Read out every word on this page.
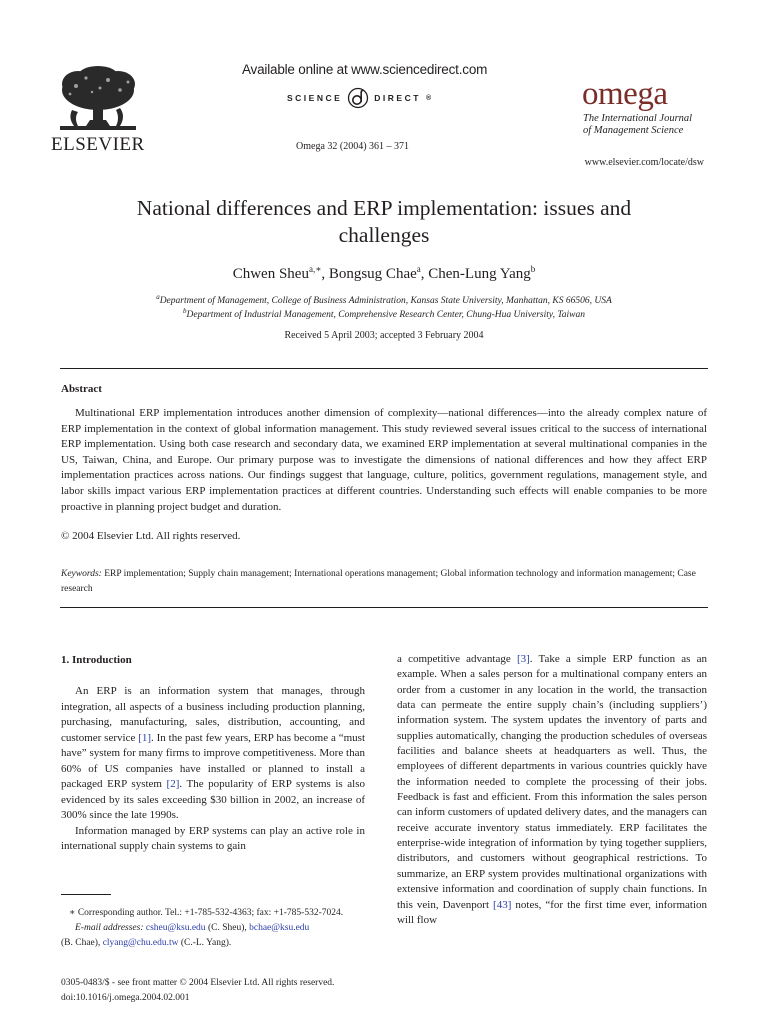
ELSEVIER
Available online at www.sciencedirect.com
SCIENCE	DIRECT ®
Omega 32 (2004) 361 – 371
omega
The International Journal
of Management Science
www.elsevier.com/locate/dsw
National differences and ERP implementation: issues and
challenges
Chwen Sheu$^{a,∗}$, Bongsug Chae$^a$, Chen-Lung Yang$^b$
$^a$Department of Management, College of Business Administration, Kansas State University, Manhattan, KS 66506, USA
$^b$Department of Industrial Management, Comprehensive Research Center, Chung-Hua University, Taiwan
Received 5 April 2003; accepted 3 February 2004
Abstract

Multinational ERP implementation introduces another dimension of complexity—national differences—into the already complex nature of ERP implementation in the context of global information management. This study reviewed several issues critical to the success of international ERP implementation. Using both case research and secondary data, we examined ERP implementation at several multinational companies in the US, Taiwan, China, and Europe. Our primary purpose was to investigate the dimensions of national differences and how they affect ERP implementation practices across nations. Our findings suggest that language, culture, politics, government regulations, management style, and labor skills impact various ERP implementation practices at different countries. Understanding such effects will enable companies to be more proactive in planning project budget and duration.

© 2004 Elsevier Ltd. All rights reserved.

Keywords: ERP implementation; Supply chain management; International operations management; Global information technology and information management; Case research

1. Introduction

An ERP is an information system that manages, through integration, all aspects of a business including production planning, purchasing, manufacturing, sales, distribution, accounting, and customer service [1]. In the past few years, ERP has become a “must have” system for many firms to improve competitiveness. More than 60% of US companies have installed or planned to install a packaged ERP system [2]. The popularity of ERP systems is also evidenced by its sales exceeding $30 billion in 2002, an increase of 300% since the late 1990s.

Information managed by ERP systems can play an active role in international supply chain systems to gain

∗ Corresponding author. Tel.: +1-785-532-4363; fax: +1-785-532-7024.

E-mail addresses: csheu@ksu.edu (C. Sheu), bchae@ksu.edu

(B. Chae), clyang@chu.edu.tw (C.-L. Yang).

0305-0483/$ - see front matter © 2004 Elsevier Ltd. All rights reserved.
doi:10.1016/j.omega.2004.02.001

a competitive advantage [3]. Take a simple ERP function as an example. When a sales person for a multinational company enters an order from a customer in any location in the world, the transaction data can permeate the entire supply chain’s (including suppliers’) information system. The system updates the inventory of parts and supplies automatically, changing the production schedules of overseas facilities and balance sheets at headquarters as well. Thus, the employees of different departments in various countries quickly have the information needed to complete the processing of their jobs. Feedback is fast and efficient. From this information the sales person can inform customers of updated delivery dates, and the managers can receive accurate inventory status immediately. ERP facilitates the enterprise-wide integration of information by tying together suppliers, distributors, and customers without geographical restrictions. To summarize, an ERP system provides multinational organizations with extensive information and coordination of supply chain functions. In this vein, Davenport [43] notes, “for the first time ever, information will flow
